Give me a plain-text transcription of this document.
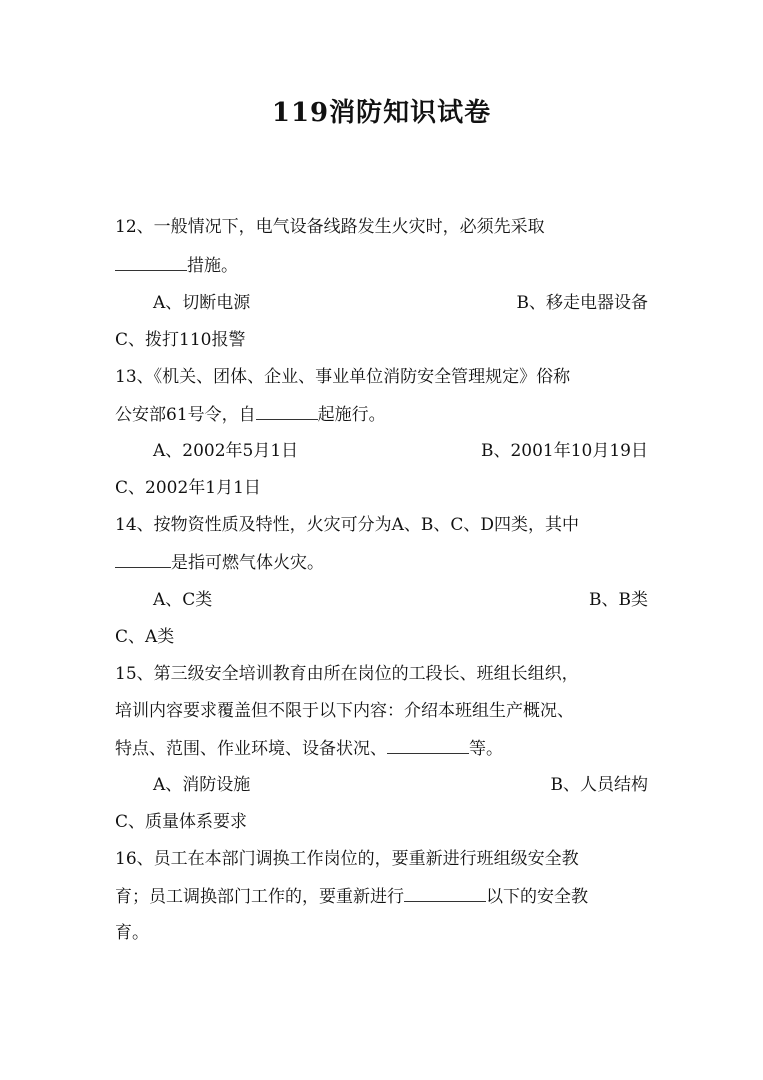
119消防知识试卷
12、一般情况下，电气设备线路发生火灾时，必须先采取
措施。
A、切断电源	B、移走电器设备
C、拨打110报警
13、《机关、团体、企业、事业单位消防安全管理规定》俗称
公安部61号令，自	起施行。
A、2002年5月1日	B、2001年10月19日
C、2002年1月1日
14、按物资性质及特性，火灾可分为A、B、C、D四类，其中
是指可燃气体火灾。
A、C类	B、B类
C、A类
15、第三级安全培训教育由所在岗位的工段长、班组长组织，
培训内容要求覆盖但不限于以下内容：介绍本班组生产概况、
特点、范围、作业环境、设备状况、	等。
A、消防设施	B、人员结构
C、质量体系要求
16、员工在本部门调换工作岗位的，要重新进行班组级安全教
育；员工调换部门工作的，要重新进行	以下的安全教
育。
